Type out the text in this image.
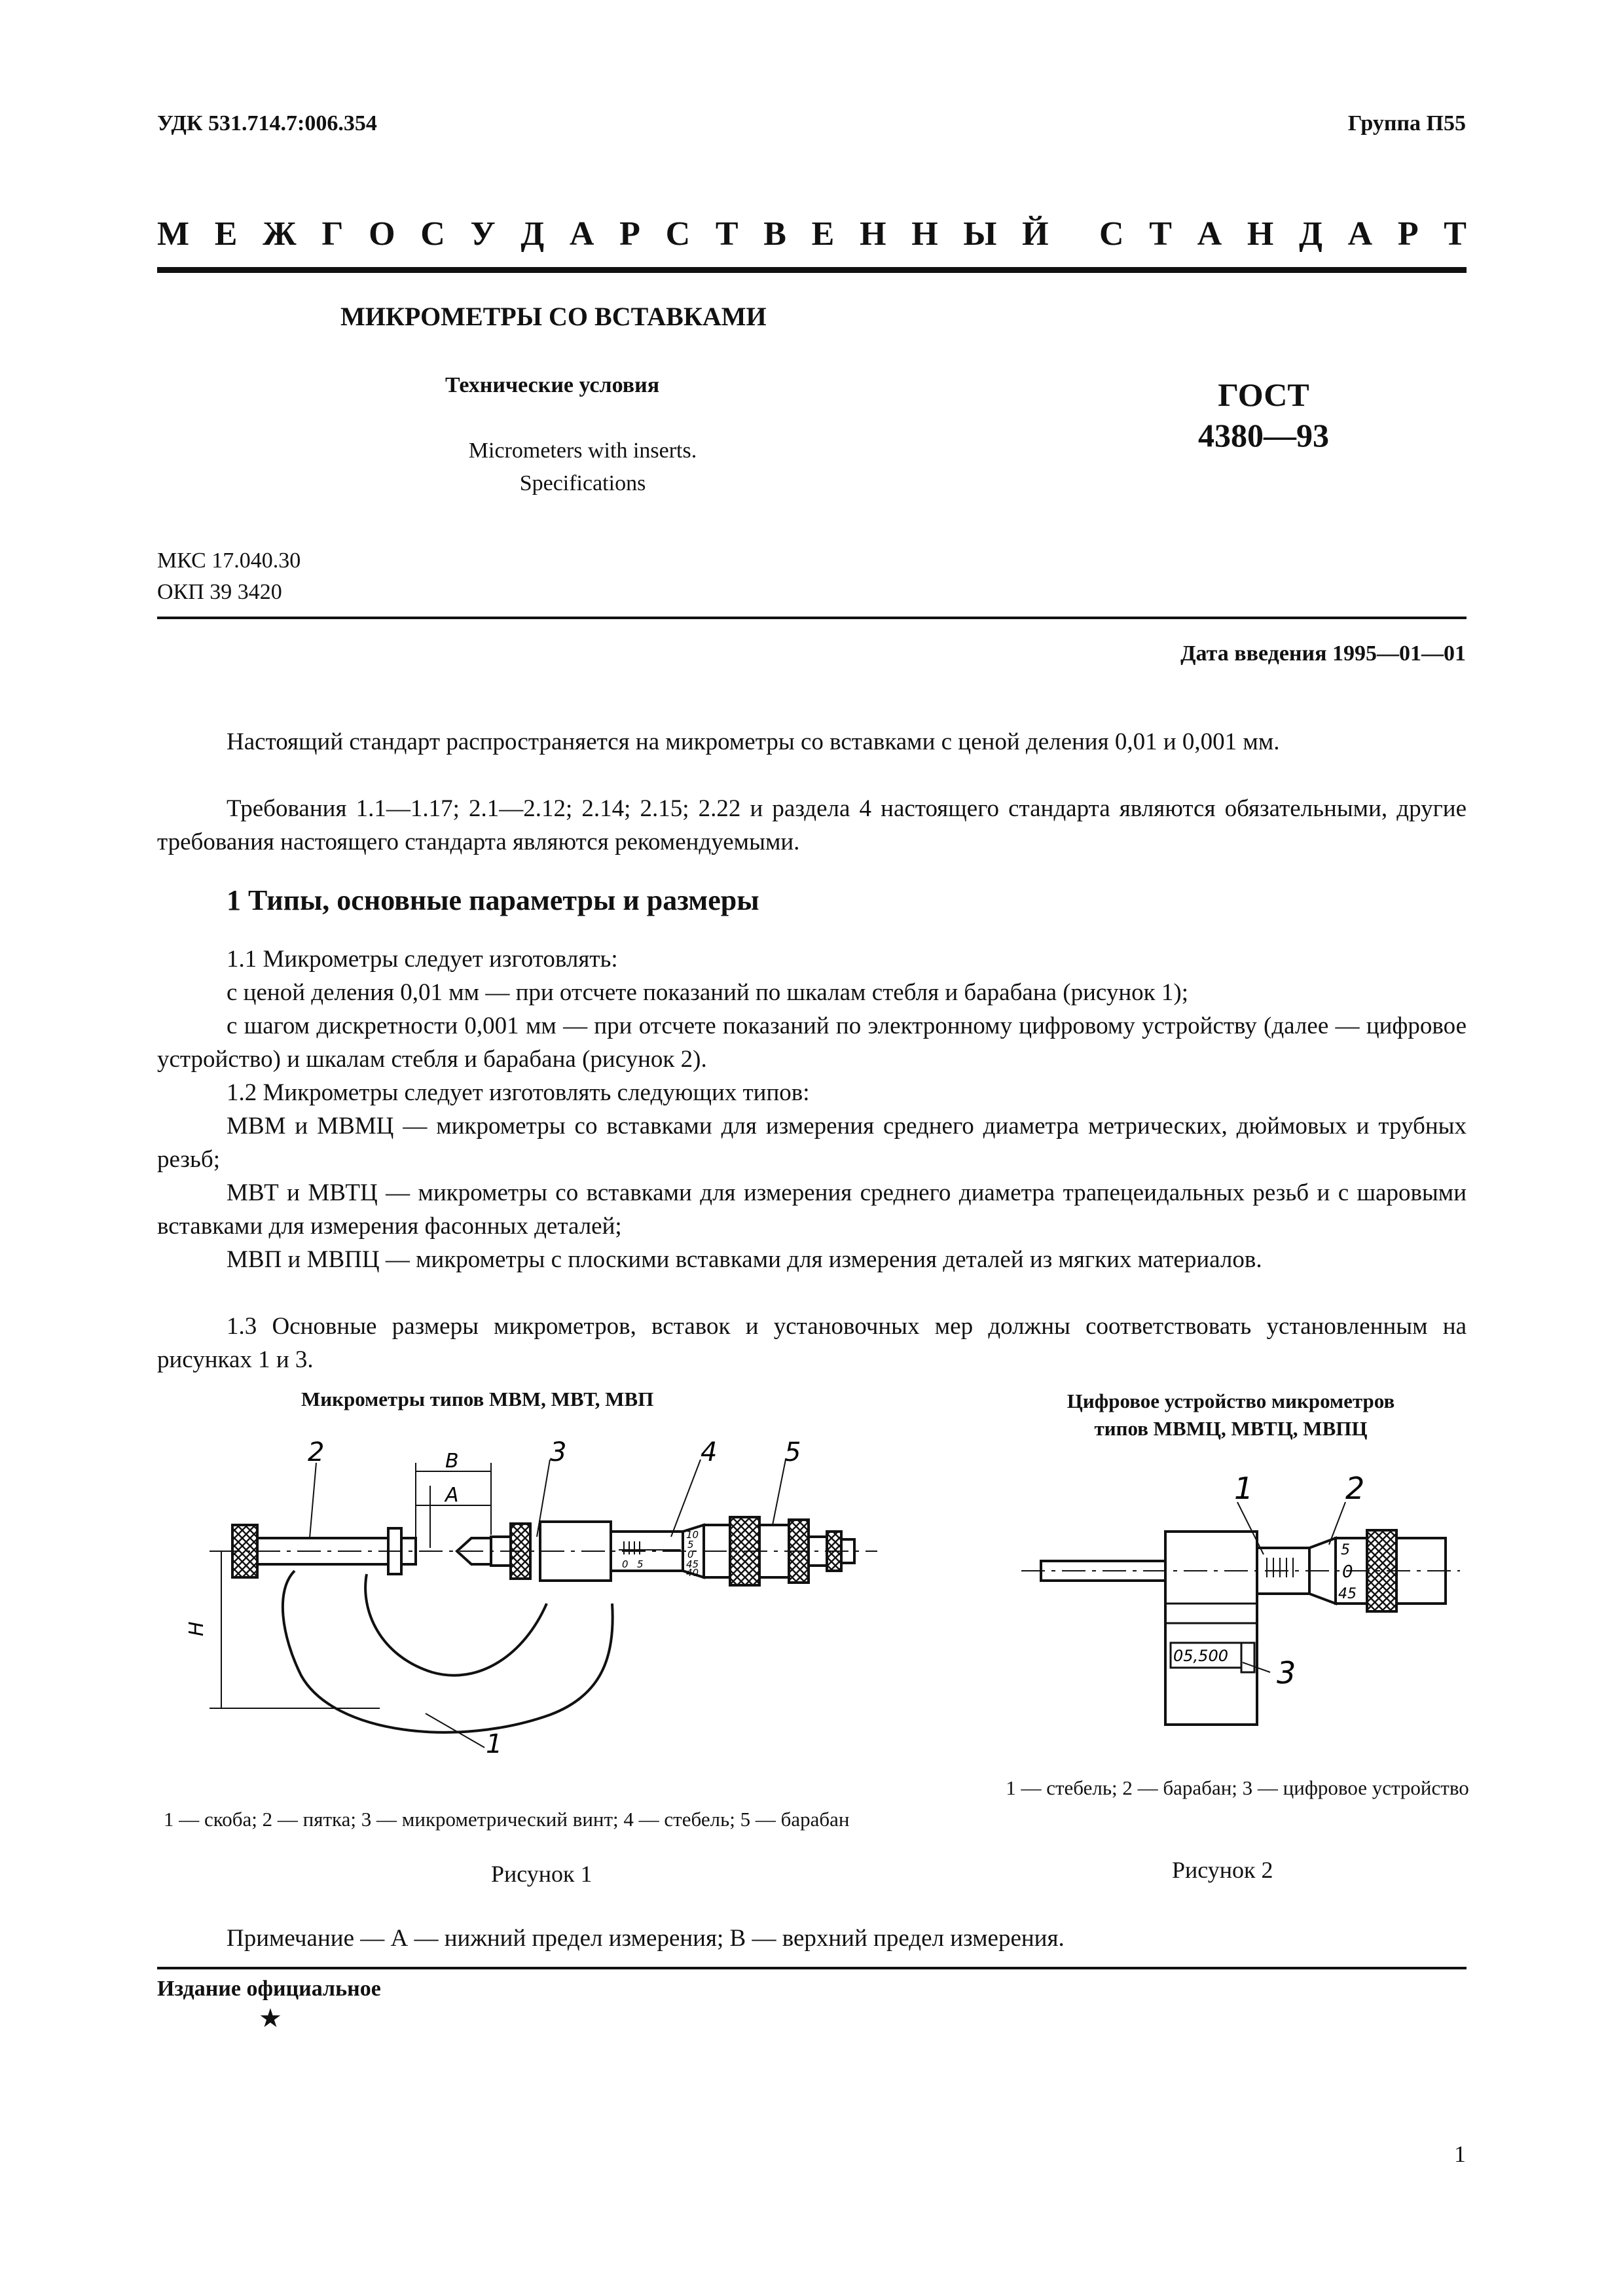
УДК 531.714.7:006.354	Группа П55
М Е Ж Г О С У Д А Р С Т В Е Н Н Ы Й С Т А Н Д А Р Т
МИКРОМЕТРЫ СО ВСТАВКАМИ
Технические условия
Micrometers with inserts.
Specifications
ГОСТ
4380—93
МКС 17.040.30
ОКП 39 3420
Дата введения 1995—01—01
Настоящий стандарт распространяется на микрометры со вставками с ценой деления 0,01 и 0,001 мм.
Требования 1.1—1.17; 2.1—2.12; 2.14; 2.15; 2.22 и раздела 4 настоящего стандарта являются обязательными, другие требования настоящего стандарта являются рекомендуемыми.
1 Типы, основные параметры и размеры
1.1 Микрометры следует изготовлять:
с ценой деления 0,01 мм — при отсчете показаний по шкалам стебля и барабана (рисунок 1);
с шагом дискретности 0,001 мм — при отсчете показаний по электронному цифровому устройству (далее — цифровое устройство) и шкалам стебля и барабана (рисунок 2).
1.2 Микрометры следует изготовлять следующих типов:
МВМ и МВМЦ — микрометры со вставками для измерения среднего диаметра метрических, дюймовых и трубных резьб;
МВТ и МВТЦ — микрометры со вставками для измерения среднего диаметра трапецеидальных резьб и с шаровыми вставками для измерения фасонных деталей;
МВП и МВПЦ — микрометры с плоскими вставками для измерения деталей из мягких материалов.
1.3 Основные размеры микрометров, вставок и установочных мер должны соответствовать установленным на рисунках 1 и 3.
Микрометры типов МВМ, МВТ, МВП	Цифровое устройство микрометров
типов МВМЦ, МВТЦ, МВПЦ
2	3	4	5
1
B
A
H
0 5
10
5
0
45
40
05,500
1	2
3
5
0
45
1 — скоба; 2 — пятка; 3 — микрометрический винт; 4 — стебель; 5 — барабан
1 — стебель; 2 — барабан; 3 — цифровое устройство
Рисунок 1	Рисунок 2
Примечание — А — нижний предел измерения; В — верхний предел измерения.
Издание официальное
★
1
